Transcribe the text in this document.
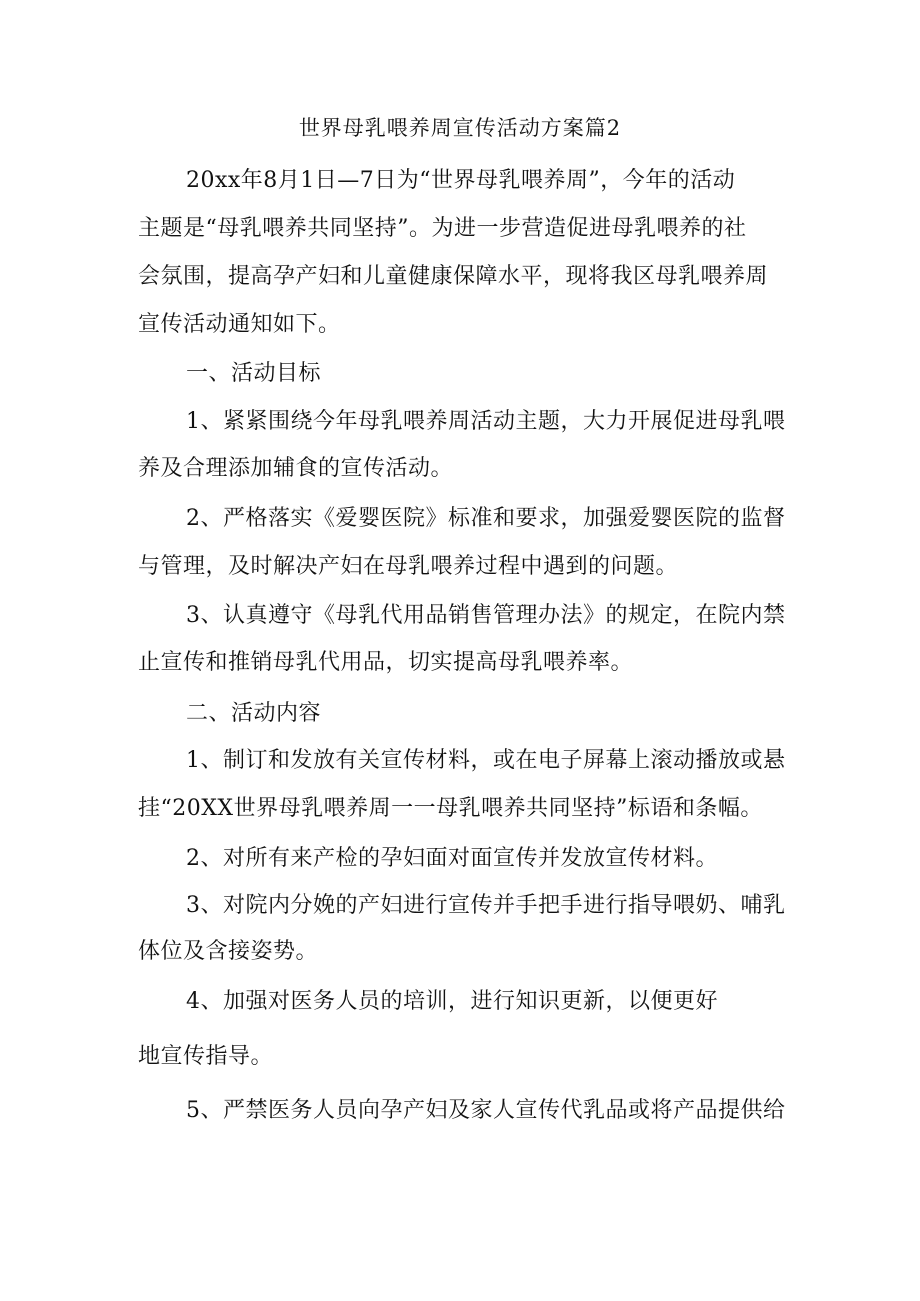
世界母乳喂养周宣传活动方案篇2
20xx年8月1日—7日为“世界母乳喂养周”，今年的活动
主题是“母乳喂养共同坚持”。为进一步营造促进母乳喂养的社
会氛围，提高孕产妇和儿童健康保障水平，现将我区母乳喂养周
宣传活动通知如下。
一、活动目标
1、紧紧围绕今年母乳喂养周活动主题，大力开展促进母乳喂
养及合理添加辅食的宣传活动。
2、严格落实《爱婴医院》标准和要求，加强爱婴医院的监督
与管理，及时解决产妇在母乳喂养过程中遇到的问题。
3、认真遵守《母乳代用品销售管理办法》的规定，在院内禁
止宣传和推销母乳代用品，切实提高母乳喂养率。
二、活动内容
1、制订和发放有关宣传材料，或在电子屏幕上滚动播放或悬
挂“20XX世界母乳喂养周一一母乳喂养共同坚持”标语和条幅。
2、对所有来产检的孕妇面对面宣传并发放宣传材料。
3、对院内分娩的产妇进行宣传并手把手进行指导喂奶、哺乳
体位及含接姿势。
4、加强对医务人员的培训，进行知识更新，以便更好
地宣传指导。
5、严禁医务人员向孕产妇及家人宣传代乳品或将产品提供给
